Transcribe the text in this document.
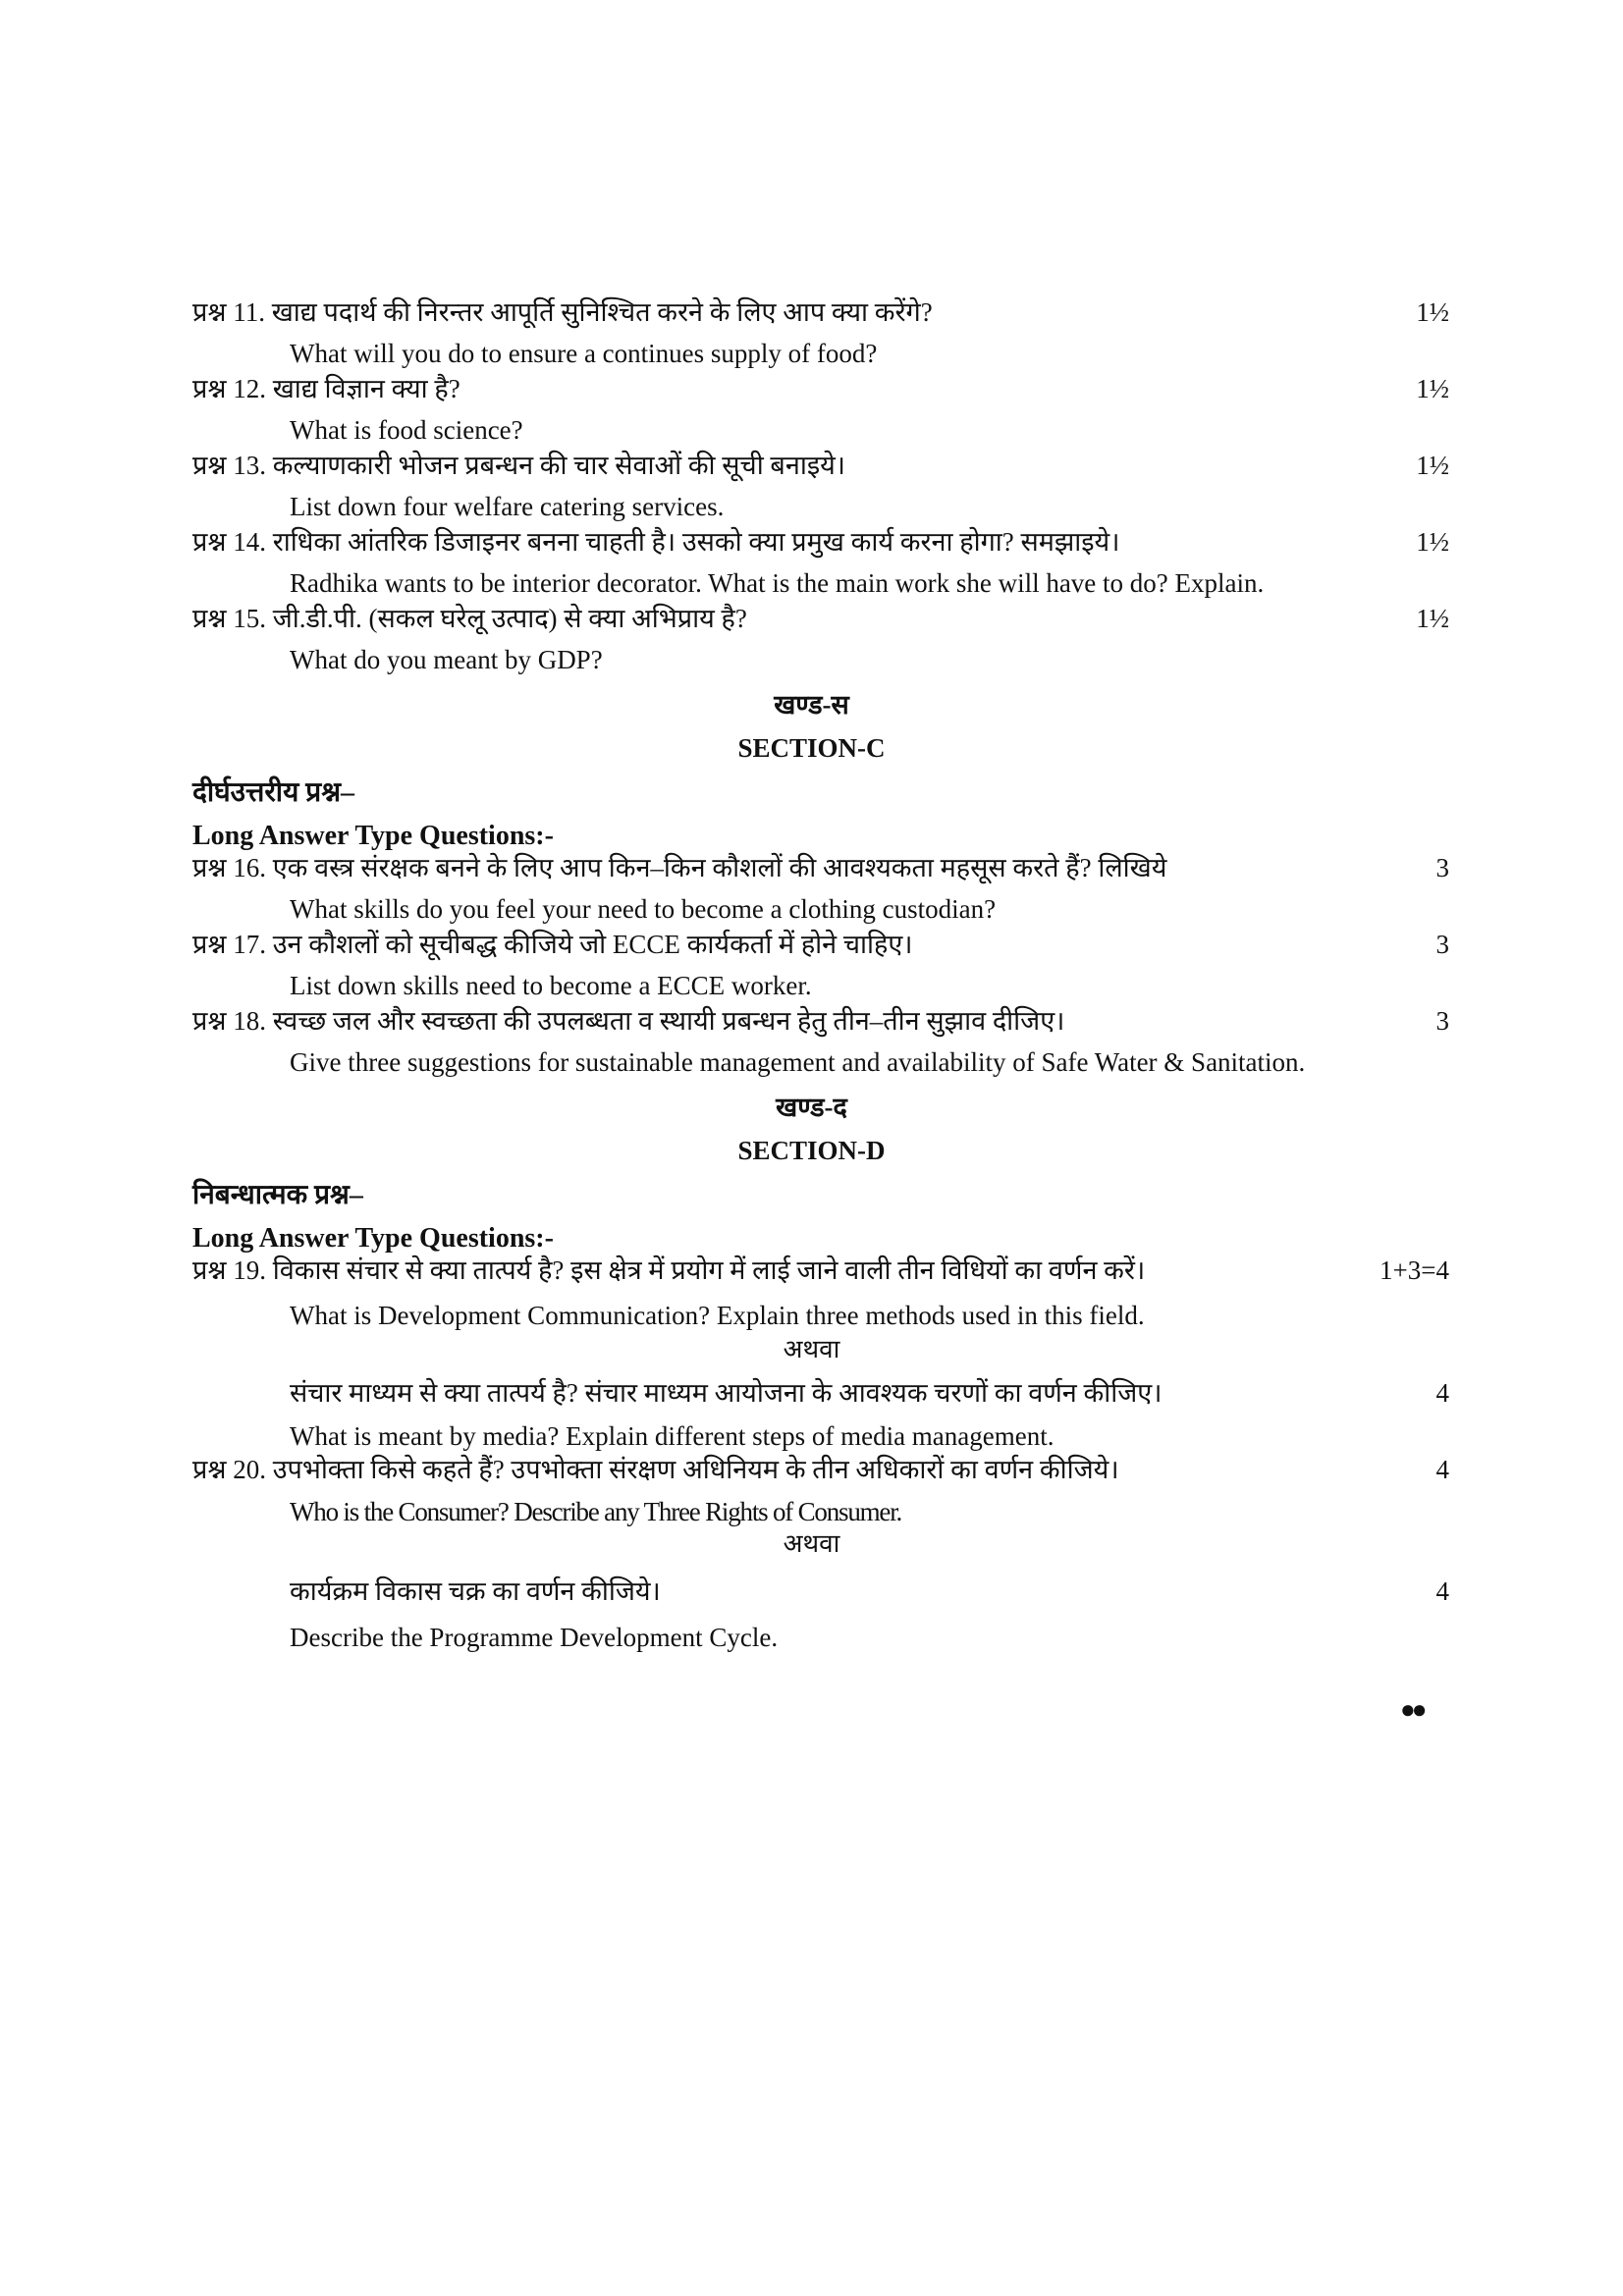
प्रश्न 11. खाद्य पदार्थ की निरन्तर आपूर्ति सुनिश्चित करने के लिए आप क्या करेंगे?	1½
What will you do to ensure a continues supply of food?
प्रश्न 12. खाद्य विज्ञान क्या है?	1½
What is food science?
प्रश्न 13. कल्याणकारी भोजन प्रबन्धन की चार सेवाओं की सूची बनाइये।	1½
List down four welfare catering services.
प्रश्न 14. राधिका आंतरिक डिजाइनर बनना चाहती है। उसको क्या प्रमुख कार्य करना होगा? समझाइये।	1½
Radhika wants to be interior decorator. What is the main work she will have to do? Explain.
प्रश्न 15. जी.डी.पी. (सकल घरेलू उत्पाद) से क्या अभिप्राय है?	1½
What do you meant by GDP?
खण्ड-स
SECTION-C
दीर्घउत्तरीय प्रश्न–
Long Answer Type Questions:-
प्रश्न 16. एक वस्त्र संरक्षक बनने के लिए आप किन–किन कौशलों की आवश्यकता महसूस करते हैं? लिखिये	3
What skills do you feel your need to become a clothing custodian?
प्रश्न 17. उन कौशलों को सूचीबद्ध कीजिये जो ECCE कार्यकर्ता में होने चाहिए।	3
List down skills need to become a ECCE worker.
प्रश्न 18. स्वच्छ जल और स्वच्छता की उपलब्धता व स्थायी प्रबन्धन हेतु तीन–तीन सुझाव दीजिए।	3
Give three suggestions for sustainable management and availability of Safe Water & Sanitation.
खण्ड-द
SECTION-D
निबन्धात्मक प्रश्न–
Long Answer Type Questions:-
प्रश्न 19. विकास संचार से क्या तात्पर्य है? इस क्षेत्र में प्रयोग में लाई जाने वाली तीन विधियों का वर्णन करें।	1+3=4
What is Development Communication? Explain three methods used in this field.
अथवा
संचार माध्यम से क्या तात्पर्य है? संचार माध्यम आयोजना के आवश्यक चरणों का वर्णन कीजिए।	4
What is meant by media? Explain different steps of media management.
प्रश्न 20. उपभोक्ता किसे कहते हैं? उपभोक्ता संरक्षण अधिनियम के तीन अधिकारों का वर्णन कीजिये।	4
Who is the Consumer? Describe any Three Rights of Consumer.
अथवा
कार्यक्रम विकास चक्र का वर्णन कीजिये।	4
Describe the Programme Development Cycle.
●●
